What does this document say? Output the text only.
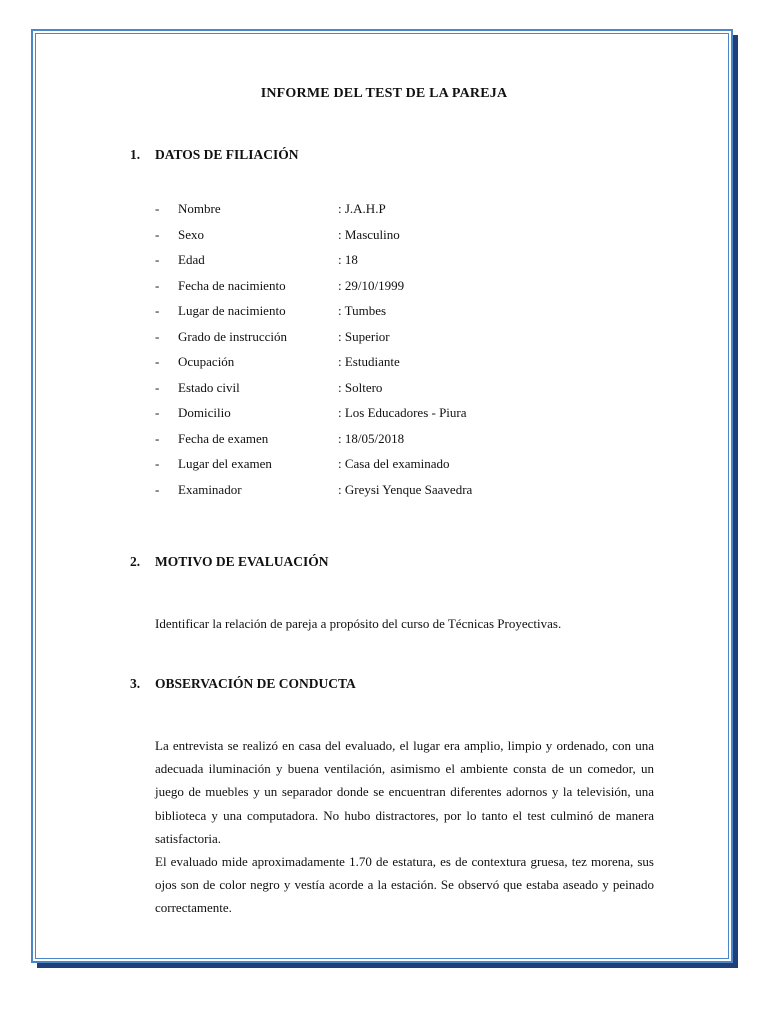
INFORME DEL TEST DE LA PAREJA
1. DATOS DE FILIACIÓN
- Nombre	: J.A.H.P
- Sexo	: Masculino
- Edad	: 18
- Fecha de nacimiento	: 29/10/1999
- Lugar de nacimiento	: Tumbes
- Grado de instrucción	: Superior
- Ocupación	: Estudiante
- Estado civil	: Soltero
- Domicilio	: Los Educadores - Piura
- Fecha de examen	: 18/05/2018
- Lugar del examen	: Casa del examinado
- Examinador	: Greysi Yenque Saavedra
2. MOTIVO DE EVALUACIÓN

Identificar la relación de pareja a propósito del curso de Técnicas Proyectivas.

3. OBSERVACIÓN DE CONDUCTA

La entrevista se realizó en casa del evaluado, el lugar era amplio, limpio y ordenado, con una adecuada iluminación y buena ventilación, asimismo el ambiente consta de un comedor, un juego de muebles y un separador donde se encuentran diferentes adornos y la televisión, una biblioteca y una computadora. No hubo distractores, por lo tanto el test culminó de manera satisfactoria.

El evaluado mide aproximadamente 1.70 de estatura, es de contextura gruesa, tez morena, sus ojos son de color negro y vestía acorde a la estación. Se observó que estaba aseado y peinado correctamente.
